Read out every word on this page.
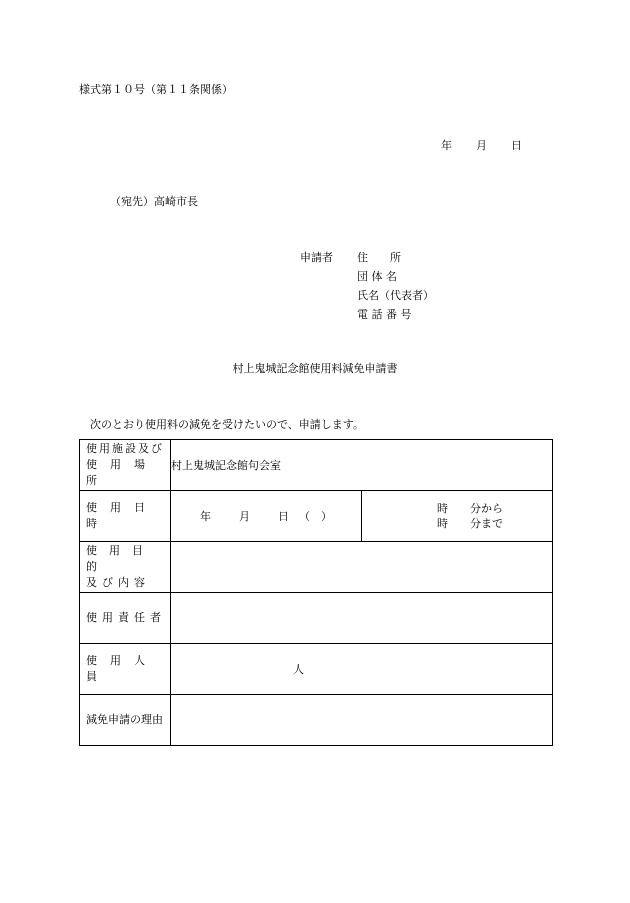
様式第１０号（第１１条関係）
年 月 日
（宛先）高崎市長
申請者 住　　所
団 体 名
氏名（代表者）
電 話 番 号
村上鬼城記念館使用料減免申請書
次のとおり使用料の減免を受けたいので、申請します。
使用施設及び
使用場所	村上鬼城記念館句会室	

使用日時	年 月 日 （　）	時　　分から
時　　分まで

使用目的
及び内容		

使用責任者		

使用人員	人	

減免申請の理由		
